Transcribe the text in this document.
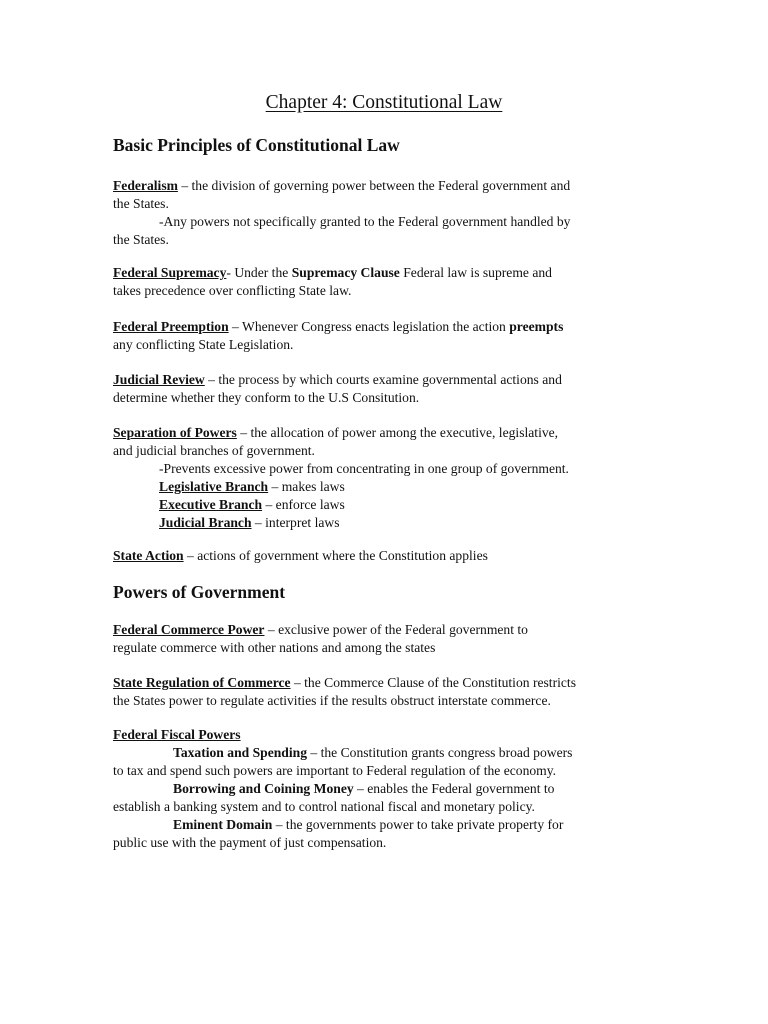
Chapter 4: Constitutional Law
Basic Principles of Constitutional Law
Federalism – the division of governing power between the Federal government and
the States.
-Any powers not specifically granted to the Federal government handled by
the States.
Federal Supremacy- Under the Supremacy Clause Federal law is supreme and
takes precedence over conflicting State law.
Federal Preemption – Whenever Congress enacts legislation the action preempts
any conflicting State Legislation.
Judicial Review – the process by which courts examine governmental actions and
determine whether they conform to the U.S Consitution.
Separation of Powers – the allocation of power among the executive, legislative,
and judicial branches of government.
-Prevents excessive power from concentrating in one group of government.
Legislative Branch – makes laws
Executive Branch – enforce laws
Judicial Branch – interpret laws
State Action – actions of government where the Constitution applies
Powers of Government
Federal Commerce Power – exclusive power of the Federal government to
regulate commerce with other nations and among the states
State Regulation of Commerce – the Commerce Clause of the Constitution restricts
the States power to regulate activities if the results obstruct interstate commerce.
Federal Fiscal Powers
Taxation and Spending – the Constitution grants congress broad powers
to tax and spend such powers are important to Federal regulation of the economy.
Borrowing and Coining Money – enables the Federal government to
establish a banking system and to control national fiscal and monetary policy.
Eminent Domain – the governments power to take private property for
public use with the payment of just compensation.
